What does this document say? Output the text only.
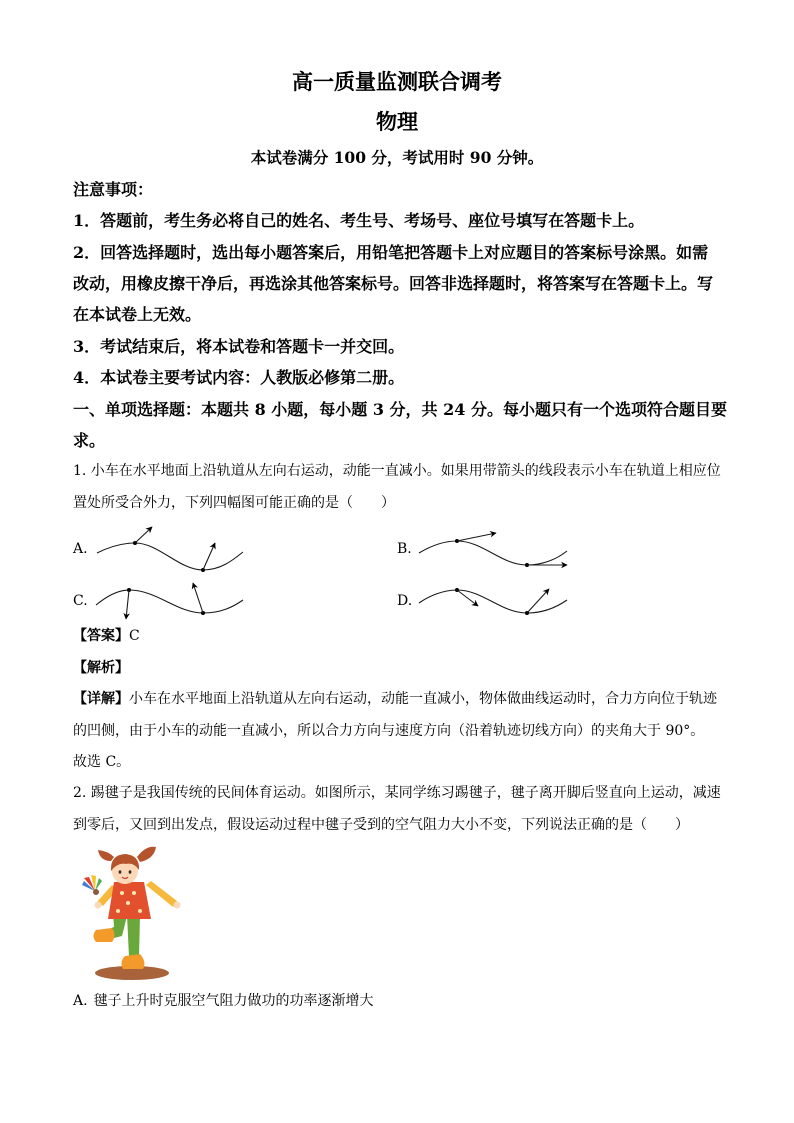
高一质量监测联合调考
物理
本试卷满分 100 分，考试用时 90 分钟。
注意事项：
1．答题前，考生务必将自己的姓名、考生号、考场号、座位号填写在答题卡上。
2．回答选择题时，选出每小题答案后，用铅笔把答题卡上对应题目的答案标号涂黑。如需
改动，用橡皮擦干净后，再选涂其他答案标号。回答非选择题时，将答案写在答题卡上。写
在本试卷上无效。
3．考试结束后，将本试卷和答题卡一并交回。
4．本试卷主要考试内容：人教版必修第二册。
一、单项选择题：本题共 8 小题，每小题 3 分，共 24 分。每小题只有一个选项符合题目要
求。
1. 小车在水平地面上沿轨道从左向右运动，动能一直减小。如果用带箭头的线段表示小车在轨道上相应位
置处所受合外力，下列四幅图可能正确的是（　　）
A.	B.
C.	D.
【答案】C
【解析】
【详解】小车在水平地面上沿轨道从左向右运动，动能一直减小，物体做曲线运动时，合力方向位于轨迹
的凹侧，由于小车的动能一直减小，所以合力方向与速度方向（沿着轨迹切线方向）的夹角大于 90°。
故选 C。
2. 踢毽子是我国传统的民间体育运动。如图所示，某同学练习踢毽子，毽子离开脚后竖直向上运动，减速
到零后，又回到出发点，假设运动过程中毽子受到的空气阻力大小不变，下列说法正确的是（　　）
A. 毽子上升时克服空气阻力做功的功率逐渐增大
